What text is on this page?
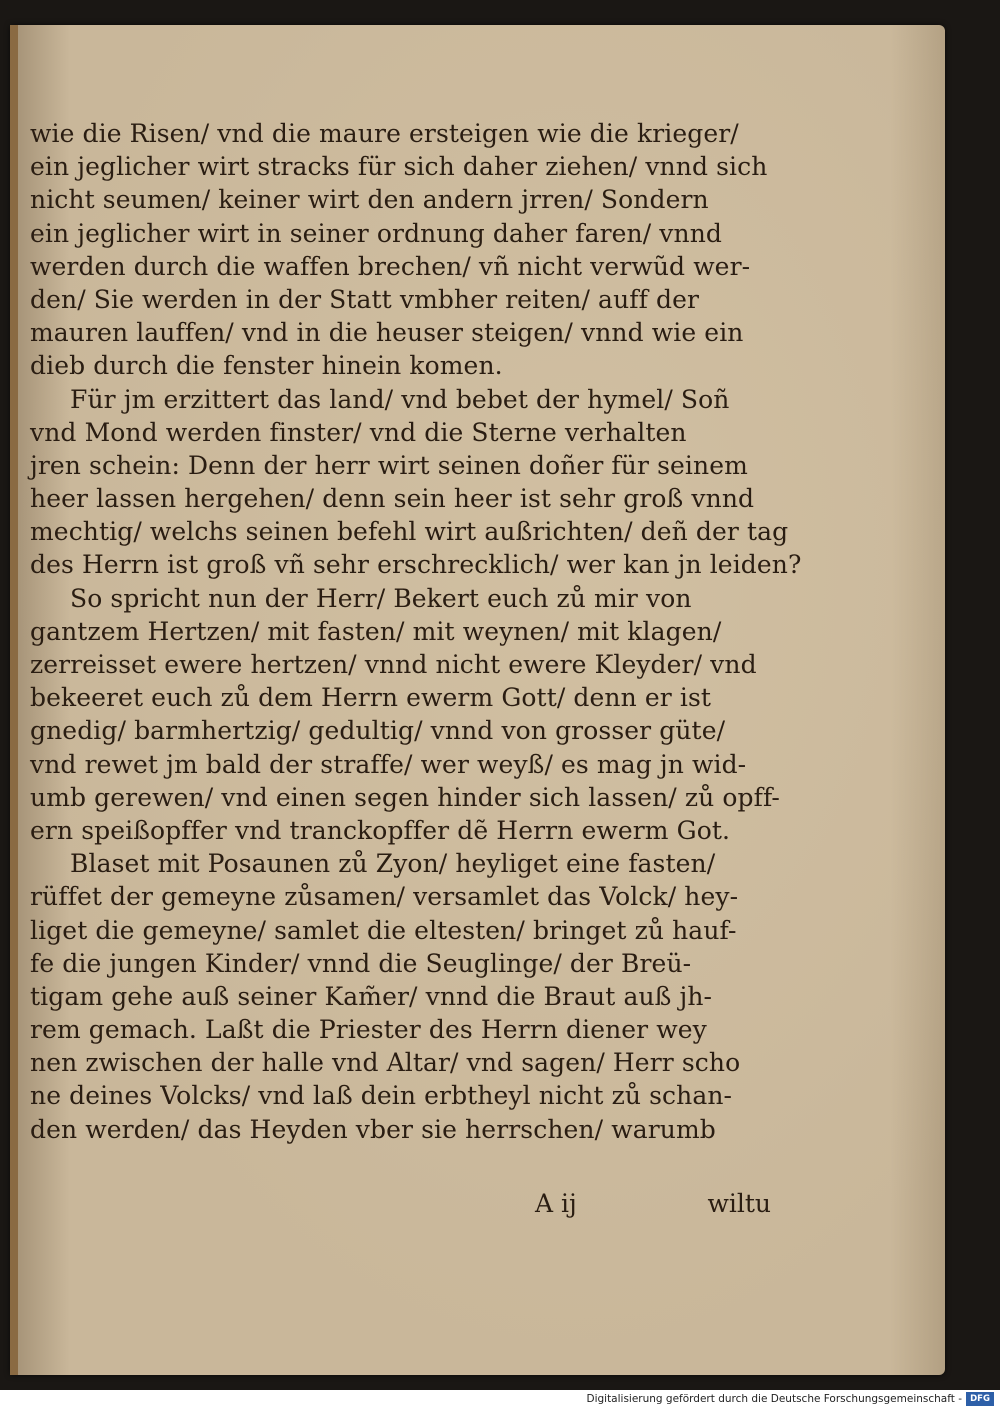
wie die Risen/ vnd die maure ersteigen wie die krieger/
ein jeglicher wirt stracks für sich daher ziehen/ vnnd sich
nicht seumen/ keiner wirt den andern jrren/ Sondern
ein jeglicher wirt in seiner ordnung daher faren/ vnnd
werden durch die waffen brechen/ vñ nicht verwũd wer-
den/ Sie werden in der Statt vmbher reiten/ auff der
mauren lauffen/ vnd in die heuser steigen/ vnnd wie ein
dieb durch die fenster hinein komen.
Für jm erzittert das land/ vnd bebet der hymel/ Soñ
vnd Mond werden finster/ vnd die Sterne verhalten
jren schein: Denn der herr wirt seinen doñer für seinem
heer lassen hergehen/ denn sein heer ist sehr groß vnnd
mechtig/ welchs seinen befehl wirt außrichten/ deñ der tag
des Herrn ist groß vñ sehr erschrecklich/ wer kan jn leiden?
So spricht nun der Herr/ Bekert euch zů mir von
gantzem Hertzen/ mit fasten/ mit weynen/ mit klagen/
zerreisset ewere hertzen/ vnnd nicht ewere Kleyder/ vnd
bekeeret euch zů dem Herrn ewerm Gott/ denn er ist
gnedig/ barmhertzig/ gedultig/ vnnd von grosser güte/
vnd rewet jm bald der straffe/ wer weyß/ es mag jn wid-
umb gerewen/ vnd einen segen hinder sich lassen/ zů opff-
ern speißopffer vnd tranckopffer dẽ Herrn ewerm Got.
Blaset mit Posaunen zů Zyon/ heyliget eine fasten/
rüffet der gemeyne zůsamen/ versamlet das Volck/ hey-
liget die gemeyne/ samlet die eltesten/ bringet zů hauf-
fe die jungen Kinder/ vnnd die Seuglinge/ der Breü-
tigam gehe auß seiner Kam̃er/ vnnd die Braut auß jh-
rem gemach. Laßt die Priester des Herrn diener wey
nen zwischen der halle vnd Altar/ vnd sagen/ Herr scho
ne deines Volcks/ vnd laß dein erbtheyl nicht zů schan-
den werden/ das Heyden vber sie herrschen/ warumb
A ij	wiltu
Digitalisierung gefördert durch die Deutsche Forschungsgemeinschaft - DFG
